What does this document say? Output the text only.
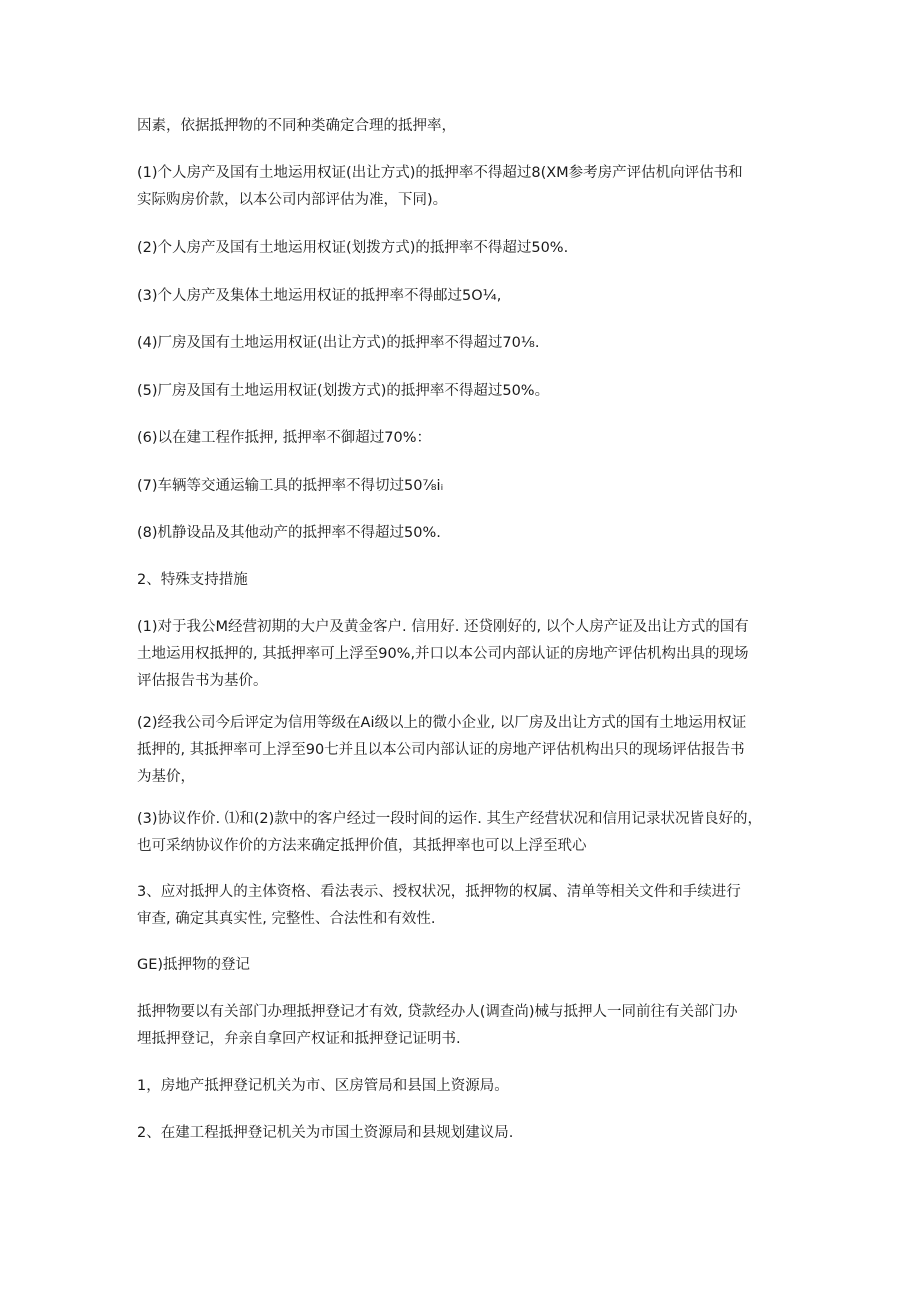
因素，依据抵押物的不同种类确定合理的抵押率，

(1)个人房产及国有土地运用权证(出让方式)的抵押率不得超过8(XM参考房产评估机向评估书和
实际购房价款，以本公司内部评估为准，下同)。

(2)个人房产及国有土地运用权证(划拨方式)的抵押率不得超过50%.

(3)个人房产及集体土地运用权证的抵押率不得邮过5O¼,

(4)厂房及国有土地运用权证(出让方式)的抵押率不得超过70⅛.

(5)厂房及国有土地运用权证(划拨方式)的抵押率不得超过50%。

(6)以在建工程作抵押, 抵押率不御超过70%：

(7)车辆等交通运输工具的抵押率不得切过50⅞iᵢ

(8)机静设品及其他动产的抵押率不得超过50%.

2、特殊支持措施

(1)对于我公M经营初期的大户及黄金客户. 信用好. 还贷刚好的, 以个人房产证及出让方式的国有
土地运用权抵押的, 其抵押率可上浮至90%,并口以本公司内部认证的房地产评估机构出具的现场
评估报告书为基价。

(2)经我公司今后评定为信用等级在Ai级以上的微小企业, 以厂房及出让方式的国有土地运用权证
抵押的, 其抵押率可上浮至90七并且以本公司内部认证的房地产评估机构出只的现场评估报告书
为基价，

(3)协议作价. ⑴和(2)款中的客户经过一段时间的运作. 其生产经营状况和信用记录状况皆良好的，
也可采纳协议作价的方法来确定抵押价值，其抵押率也可以上浮至玳心

3、应对抵押人的主体资格、看法表示、授权状况，抵押物的权属、清单等相关文件和手续进行
审查, 确定其真实性, 完整性、合法性和有效性.

GE)抵押物的登记

抵押物要以有关部门办理抵押登记才有效, 贷款经办人(调查尚)械与抵押人一同前往有关部门办
埋抵押登记，弁亲自拿回产权证和抵押登记证明书.

1，房地产抵押登记机关为市、区房管局和县国上资源局。

2、在建工程抵押登记机关为市国土资源局和县规划建议局.
